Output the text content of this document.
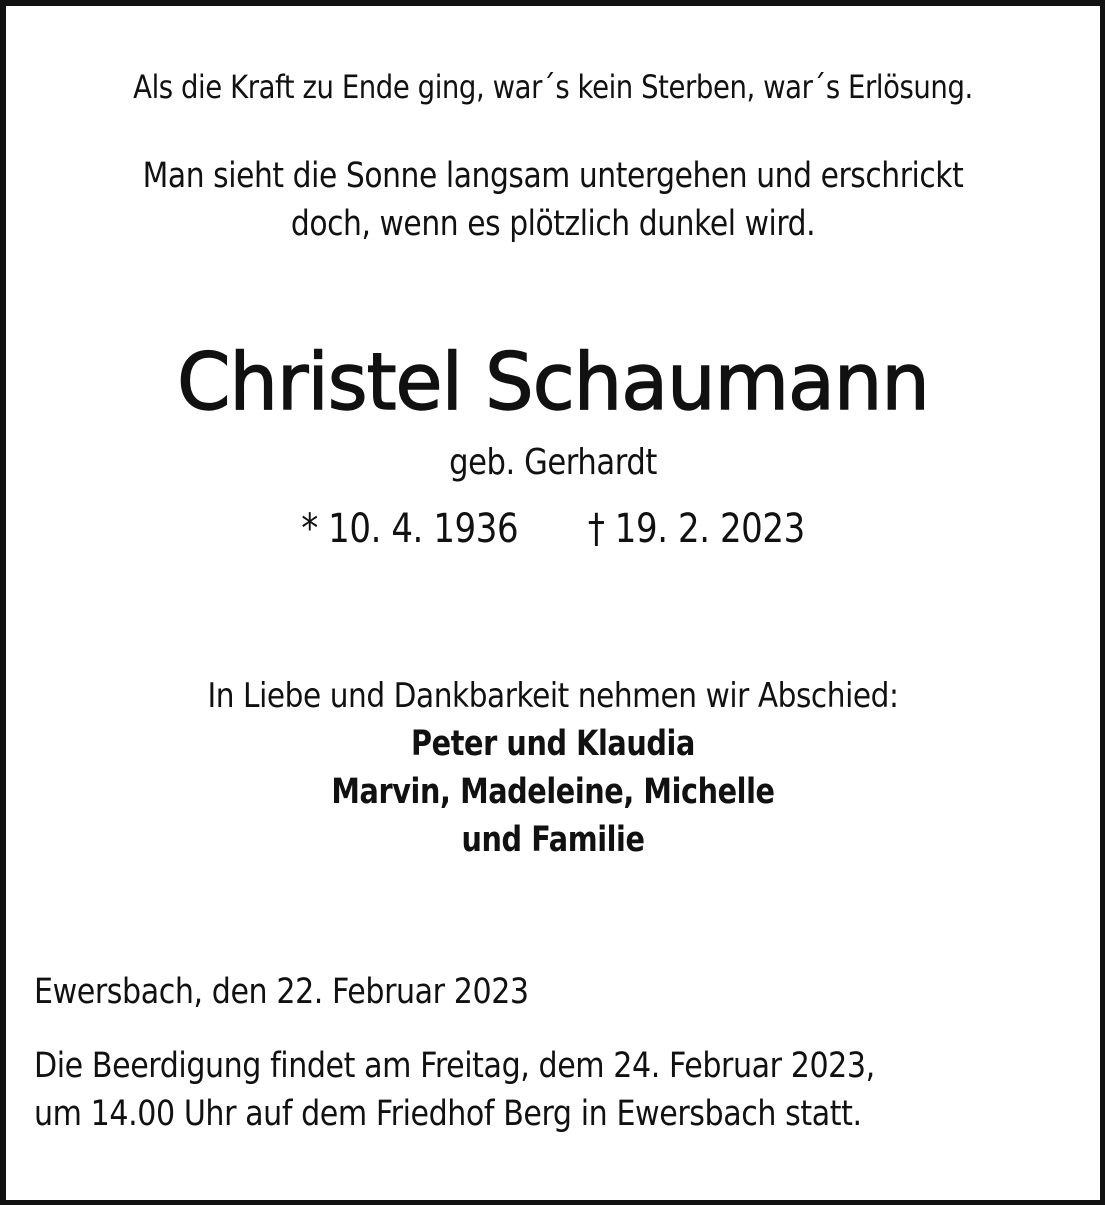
Als die Kraft zu Ende ging, war´s kein Sterben, war´s Erlösung.
Man sieht die Sonne langsam untergehen und erschrickt
doch, wenn es plötzlich dunkel wird.
Christel Schaumann
geb. Gerhardt
* 10. 4. 1936 † 19. 2. 2023
In Liebe und Dankbarkeit nehmen wir Abschied:
Peter und Klaudia
Marvin, Madeleine, Michelle
und Familie
Ewersbach, den 22. Februar 2023
Die Beerdigung findet am Freitag, dem 24. Februar 2023,
um 14.00 Uhr auf dem Friedhof Berg in Ewersbach statt.
